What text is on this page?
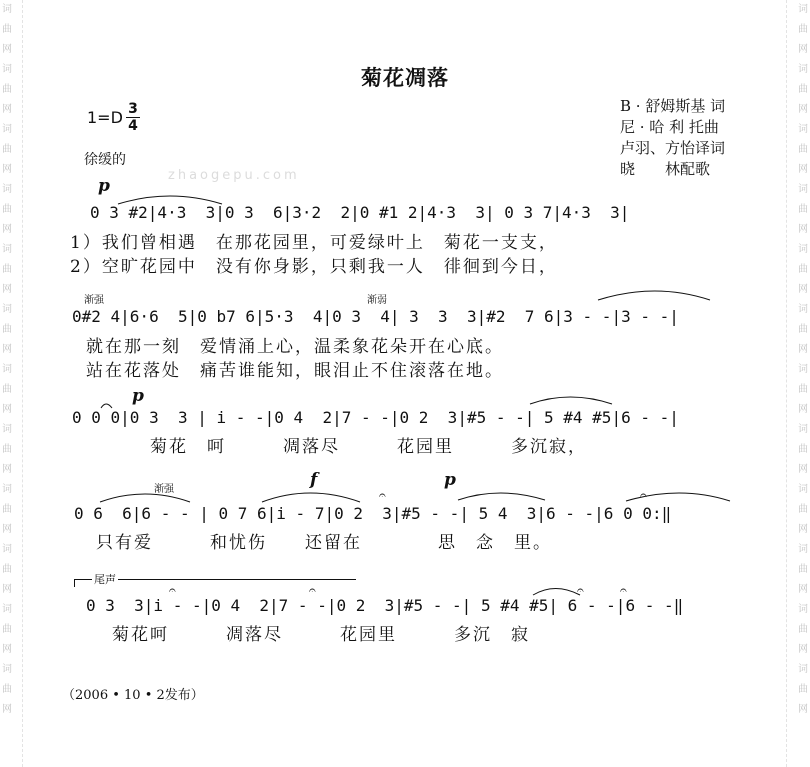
词
曲
网
词
曲
网
词
曲
网
词
曲
网
词
曲
网
词
曲
网
词
曲
网
词
曲
网
词
曲
网
词
曲
网
词
曲
网
词
曲
网
词
曲
网
词
曲
网
词
曲
网
词
曲
网
词
曲
网
词
曲
网
词
曲
网
词
曲
网
词
曲
网
词
曲
网
词
曲
网
词
曲
网
菊花凋落
1=D 3
4
徐缓的
B · 舒姆斯基 词
尼 · 哈 利 托曲
卢羽、方怡译词
晓　　林配歌
zhaogepu.com
𝄐	𝄐	𝄐	𝄐
𝄐	𝄐
p
p
f	p
渐强	渐弱
渐强
0 3 #2|4·3  3|0 3  6|3·2  2|0 #1 2|4·3  3| 0 3 7|4·3  3|
1）我们曾相遇　在那花园里，可爱绿叶上　菊花一支支，
2）空旷花园中　没有你身影，只剩我一人　徘徊到今日，
0#2 4|6·6  5|0 b7 6|5·3  4|0 3  4| 3  3  3|#2  7 6|3 - -|3 - -|
就在那一刻　爱情涌上心，温柔象花朵开在心底。
站在花落处　痛苦谁能知，眼泪止不住滚落在地。
0 0 0|0 3  3 | i - -|0 4  2|7 - -|0 2  3|#5 - -| 5 #4 #5|6 - -|
菊花　呵　　　凋落尽　　　花园里　　　多沉寂，
0 6  6|6 - - | 0 7 6|i - 7|0 2  3|#5 - -| 5 4  3|6 - -|6 0 0:‖
只有爱　　　和忧伤　　还留在　　　　思　念　里。
尾声
0 3  3|i - -|0 4  2|7 - -|0 2  3|#5 - -| 5 #4 #5| 6 - -|6 - -‖
菊花呵　　　凋落尽　　　花园里　　　多沉　寂
（2006 • 10 • 2发布）
